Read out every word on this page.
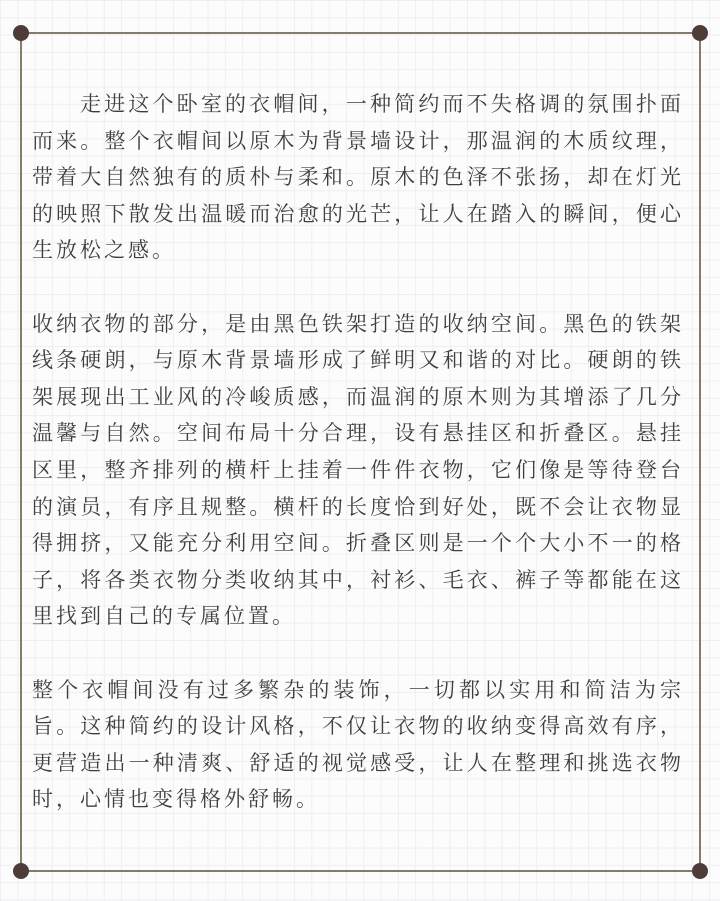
走进这个卧室的衣帽间，一种简约而不失格调的氛围扑面而来。整个衣帽间以原木为背景墙设计，那温润的木质纹理，带着大自然独有的质朴与柔和。原木的色泽不张扬，却在灯光的映照下散发出温暖而治愈的光芒，让人在踏入的瞬间，便心生放松之感。

收纳衣物的部分，是由黑色铁架打造的收纳空间。黑色的铁架线条硬朗，与原木背景墙形成了鲜明又和谐的对比。硬朗的铁架展现出工业风的冷峻质感，而温润的原木则为其增添了几分温馨与自然。空间布局十分合理，设有悬挂区和折叠区。悬挂区里，整齐排列的横杆上挂着一件件衣物，它们像是等待登台的演员，有序且规整。横杆的长度恰到好处，既不会让衣物显得拥挤，又能充分利用空间。折叠区则是一个个大小不一的格子，将各类衣物分类收纳其中，衬衫、毛衣、裤子等都能在这里找到自己的专属位置。

整个衣帽间没有过多繁杂的装饰，一切都以实用和简洁为宗旨。这种简约的设计风格，不仅让衣物的收纳变得高效有序，更营造出一种清爽、舒适的视觉感受，让人在整理和挑选衣物时，心情也变得格外舒畅。
